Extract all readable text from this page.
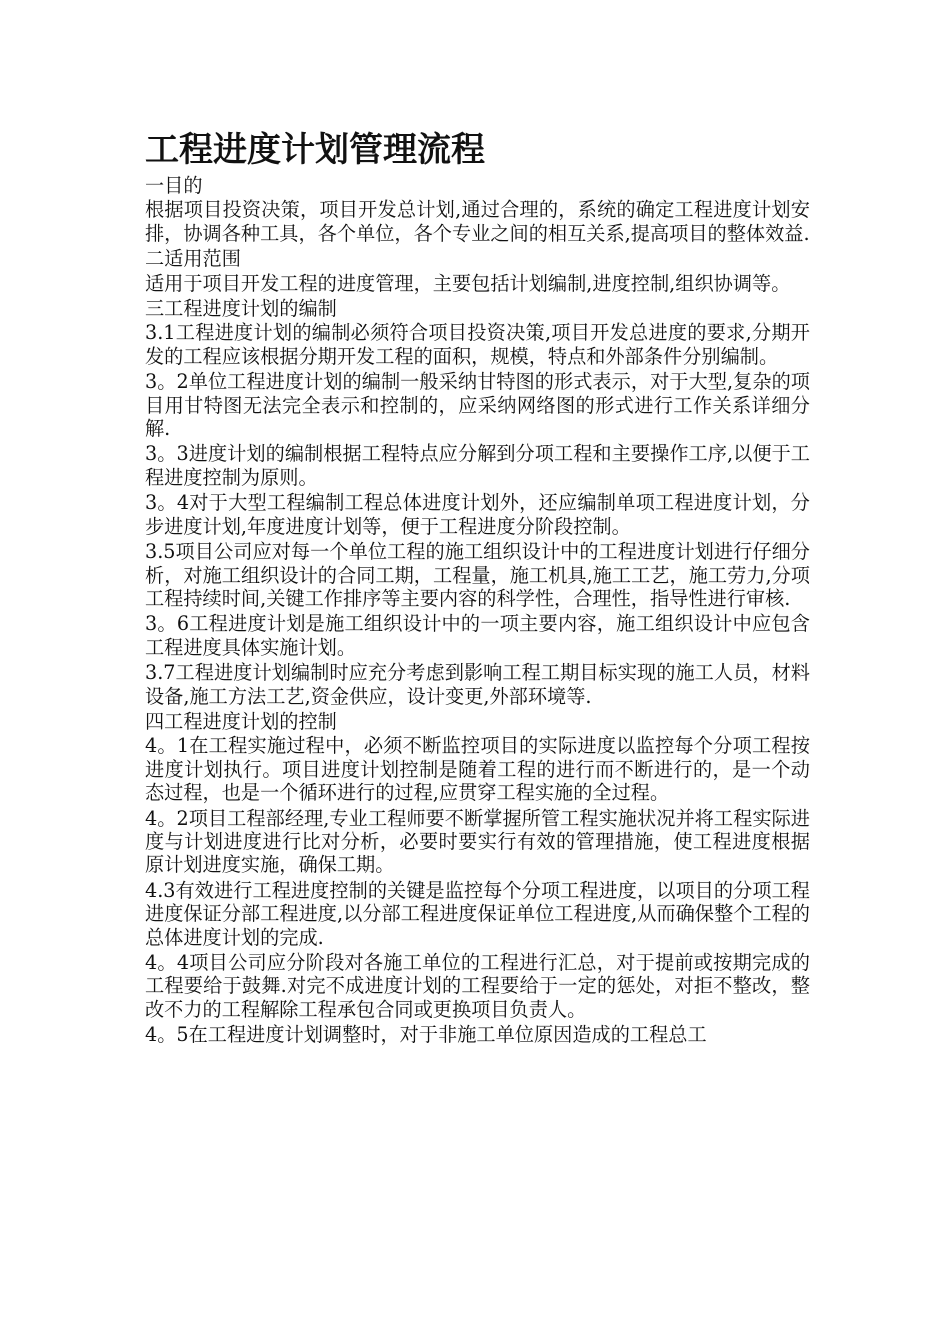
工程进度计划管理流程
一目的
根据项目投资决策，项目开发总计划,通过合理的，系统的确定工程进度计划安排，协调各种工具，各个单位，各个专业之间的相互关系,提高项目的整体效益.
二适用范围
适用于项目开发工程的进度管理，主要包括计划编制,进度控制,组织协调等。
三工程进度计划的编制
3.1工程进度计划的编制必须符合项目投资决策,项目开发总进度的要求,分期开发的工程应该根据分期开发工程的面积，规模，特点和外部条件分别编制。
3。2单位工程进度计划的编制一般采纳甘特图的形式表示，对于大型,复杂的项目用甘特图无法完全表示和控制的，应采纳网络图的形式进行工作关系详细分解.
3。3进度计划的编制根据工程特点应分解到分项工程和主要操作工序,以便于工程进度控制为原则。
3。4对于大型工程编制工程总体进度计划外，还应编制单项工程进度计划，分步进度计划,年度进度计划等，便于工程进度分阶段控制。
3.5项目公司应对每一个单位工程的施工组织设计中的工程进度计划进行仔细分析，对施工组织设计的合同工期，工程量，施工机具,施工工艺，施工劳力,分项工程持续时间,关键工作排序等主要内容的科学性，合理性，指导性进行审核.
3。6工程进度计划是施工组织设计中的一项主要内容，施工组织设计中应包含工程进度具体实施计划。
3.7工程进度计划编制时应充分考虑到影响工程工期目标实现的施工人员，材料设备,施工方法工艺,资金供应，设计变更,外部环境等.
四工程进度计划的控制
4。1在工程实施过程中，必须不断监控项目的实际进度以监控每个分项工程按进度计划执行。项目进度计划控制是随着工程的进行而不断进行的，是一个动态过程，也是一个循环进行的过程,应贯穿工程实施的全过程。
4。2项目工程部经理,专业工程师要不断掌握所管工程实施状况并将工程实际进度与计划进度进行比对分析，必要时要实行有效的管理措施，使工程进度根据原计划进度实施，确保工期。
4.3有效进行工程进度控制的关键是监控每个分项工程进度，以项目的分项工程进度保证分部工程进度,以分部工程进度保证单位工程进度,从而确保整个工程的总体进度计划的完成.
4。4项目公司应分阶段对各施工单位的工程进行汇总，对于提前或按期完成的工程要给于鼓舞.对完不成进度计划的工程要给于一定的惩处，对拒不整改，整改不力的工程解除工程承包合同或更换项目负责人。
4。5在工程进度计划调整时，对于非施工单位原因造成的工程总工
